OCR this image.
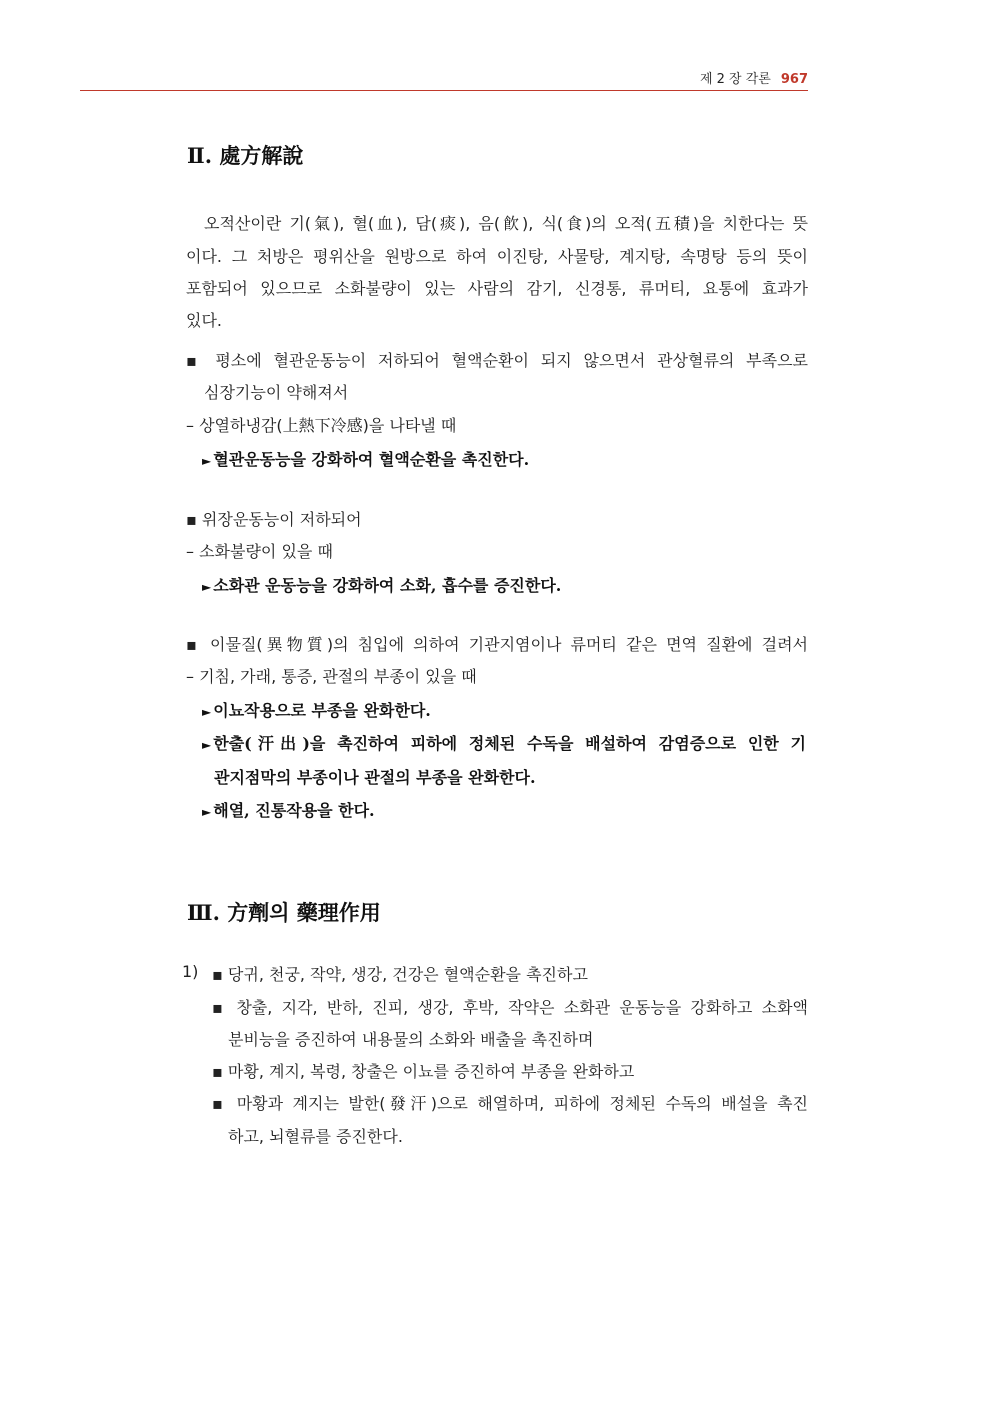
제 2 장 각론 967
Ⅱ. 處方解說
오적산이란 기(氣), 혈(血), 담(痰), 음(飮), 식(食)의 오적(五積)을 치한다는 뜻
이다. 그 처방은 평위산을 원방으로 하여 이진탕, 사물탕, 계지탕, 속명탕 등의 뜻이
포함되어 있으므로 소화불량이 있는 사람의 감기, 신경통, 류머티, 요통에 효과가
있다.
▪ 평소에 혈관운동능이 저하되어 혈액순환이 되지 않으면서 관상혈류의 부족으로
심장기능이 약해져서
– 상열하냉감(上熱下冷感)을 나타낼 때
► 혈관운동능을 강화하여 혈액순환을 촉진한다.
▪ 위장운동능이 저하되어
– 소화불량이 있을 때
► 소화관 운동능을 강화하여 소화, 흡수를 증진한다.
▪ 이물질(異物質)의 침입에 의하여 기관지염이나 류머티 같은 면역 질환에 걸려서
– 기침, 가래, 통증, 관절의 부종이 있을 때
► 이뇨작용으로 부종을 완화한다.
► 한출(汗出)을 촉진하여 피하에 정체된 수독을 배설하여 감염증으로 인한 기
관지점막의 부종이나 관절의 부종을 완화한다.
► 해열, 진통작용을 한다.
Ⅲ. 方劑의 藥理作用
1) ▪ 당귀, 천궁, 작약, 생강, 건강은 혈액순환을 촉진하고
▪ 창출, 지각, 반하, 진피, 생강, 후박, 작약은 소화관 운동능을 강화하고 소화액
분비능을 증진하여 내용물의 소화와 배출을 촉진하며
▪ 마황, 계지, 복령, 창출은 이뇨를 증진하여 부종을 완화하고
▪ 마황과 계지는 발한(發汗)으로 해열하며, 피하에 정체된 수독의 배설을 촉진
하고, 뇌혈류를 증진한다.
